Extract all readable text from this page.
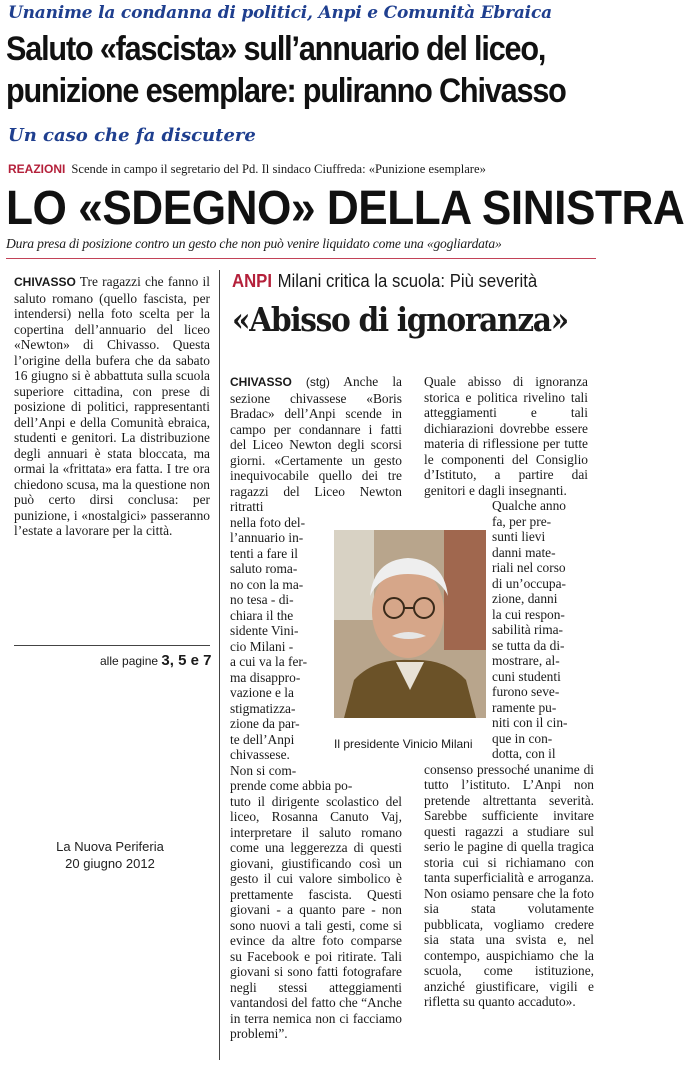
Unanime la condanna di politici, Anpi e Comunità Ebraica
Saluto «fascista» sull’annuario del liceo,
punizione esemplare: puliranno Chivasso
Un caso che fa discutere
REAZIONI Scende in campo il segretario del Pd. Il sindaco Ciuffreda: «Punizione esemplare»
LO «SDEGNO» DELLA SINISTRA
Dura presa di posizione contro un gesto che non può venire liquidato come una «gogliardata»
CHIVASSO Tre ragazzi che fanno il saluto romano (quello fascista, per intendersi) nella foto scelta per la copertina dell’annuario del liceo «Newton» di Chivasso. Questa l’origine della bufera che da sabato 16 giugno si è abbattuta sulla scuola superiore cittadina, con prese di posizione di politici, rappresentanti dell’Anpi e della Comunità ebraica, studenti e genitori. La distribuzione degli annuari è stata bloccata, ma ormai la «frittata» era fatta. I tre ora chiedono scusa, ma la questione non può certo dirsi conclusa: per punizione, i «nostalgici» passeranno l’estate a lavorare per la città.
alle pagine 3, 5 e 7
La Nuova Periferia
20 giugno 2012
ANPI Milani critica la scuola: Più severità
«Abisso di ignoranza»
CHIVASSO (stg) Anche la sezione chivassese «Boris Bradac» dell’Anpi scende in campo per condannare i fatti del Liceo Newton degli scorsi giorni. «Certamente un gesto inequivocabile quello dei tre ragazzi del Liceo Newton ritratti
nella foto del-
l’annuario in-
tenti a fare il
saluto roma-
no con la ma-
no tesa - di-
chiara il the
sidente Vini-
cio Milani -
a cui va la fer-
ma disappro-
vazione e la
stigmatizza-
zione da par-
te dell’Anpi
chivassese.
Non si com-
prende come abbia po-
tuto il dirigente scolastico del liceo, Rosanna Canuto Vaj, interpretare il saluto romano come una leggerezza di questi giovani, giustificando così un gesto il cui valore simbolico è prettamente fascista. Questi giovani - a quanto pare - non sono nuovi a tali gesti, come si evince da altre foto comparse su Facebook e poi ritirate. Tali giovani si sono fatti fotografare negli stessi atteggiamenti vantandosi del fatto che “Anche in terra nemica non ci facciamo problemi”.
Quale abisso di ignoranza storica e politica rivelino tali atteggiamenti e tali dichiarazioni dovrebbe essere materia di riflessione per tutte le componenti del Consiglio d’Istituto, a partire dai genitori e dagli insegnanti.
Qualche anno
fa, per pre-
sunti lievi
danni mate-
riali nel corso
di un’occupa-
zione, danni
la cui respon-
sabilità rima-
se tutta da di-
mostrare, al-
cuni studenti
furono seve-
ramente pu-
niti con il cin-
que in con-
dotta, con il
consenso pressoché unanime di tutto l’istituto. L’Anpi non pretende altrettanta severità. Sarebbe sufficiente invitare questi ragazzi a studiare sul serio le pagine di quella tragica storia cui si richiamano con tanta superficialità e arroganza. Non osiamo pensare che la foto sia stata volutamente pubblicata, vogliamo credere sia stata una svista e, nel contempo, auspichiamo che la scuola, come istituzione, anziché giustificare, vigili e rifletta su quanto accaduto».
Il presidente Vinicio Milani
